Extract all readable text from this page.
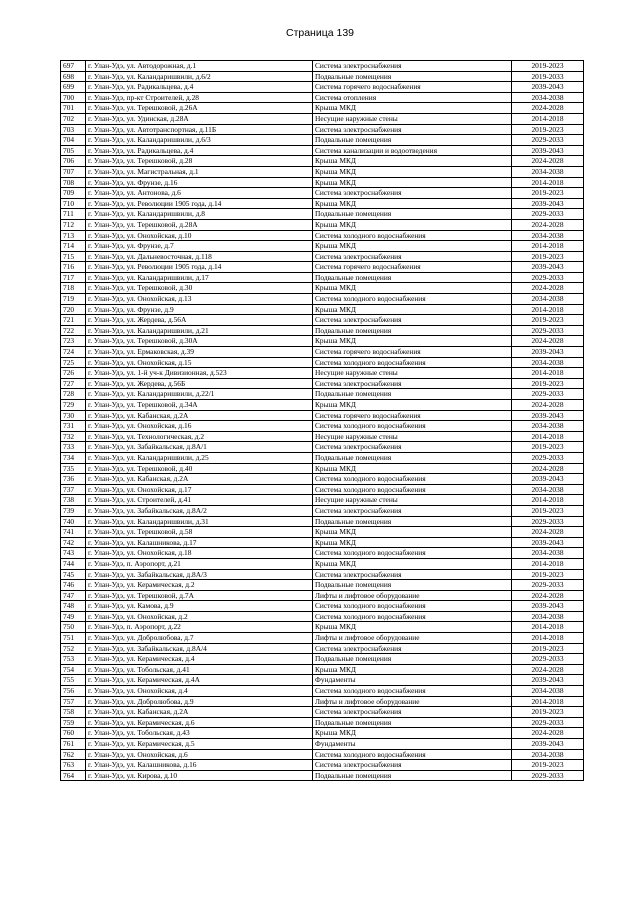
Страница 139
697	г. Улан-Удэ, ул. Автодорожная, д.1	Система электроснабжения	2019-2023
698	г. Улан-Удэ, ул. Каландаришвили, д.6/2	Подвальные помещения	2019-2033
699	г. Улан-Удэ, ул. Радикальцева, д.4	Система горячего водоснабжения	2039-2043
700	г. Улан-Удэ, пр-кт Строителей, д.28	Система отопления	2034-2038
701	г. Улан-Удэ, ул. Терешковой, д.26А	Крыша МКД	2024-2028
702	г. Улан-Удэ, ул. Удинская, д.28А	Несущие наружные стены	2014-2018
703	г. Улан-Удэ, ул. Автотранспортная, д.11Б	Система электроснабжения	2019-2023
704	г. Улан-Удэ, ул. Каландаришвили, д.6/3	Подвальные помещения	2029-2033
705	г. Улан-Удэ, ул. Радикальцева, д.4	Система канализации и водоотведения	2039-2043
706	г. Улан-Удэ, ул. Терешковой, д.28	Крыша МКД	2024-2028
707	г. Улан-Удэ, ул. Магистральная, д.1	Крыша МКД	2034-2038
708	г. Улан-Удэ, ул. Фрунзе, д.16	Крыша МКД	2014-2018
709	г. Улан-Удэ, ул. Антонова, д.6	Система электроснабжения	2019-2023
710	г. Улан-Удэ, ул. Революции 1905 года, д.14	Крыша МКД	2039-2043
711	г. Улан-Удэ, ул. Каландаришвили, д.8	Подвальные помещения	2029-2033
712	г. Улан-Удэ, ул. Терешковой, д.28А	Крыша МКД	2024-2028
713	г. Улан-Удэ, ул. Онохойская, д.10	Система холодного водоснабжения	2034-2038
714	г. Улан-Удэ, ул. Фрунзе, д.7	Крыша МКД	2014-2018
715	г. Улан-Удэ, ул. Дальневосточная, д.118	Система электроснабжения	2019-2023
716	г. Улан-Удэ, ул. Революции 1905 года, д.14	Система горячего водоснабжения	2039-2043
717	г. Улан-Удэ, ул. Каландаришвили, д.17	Подвальные помещения	2029-2033
718	г. Улан-Удэ, ул. Терешковой, д.30	Крыша МКД	2024-2028
719	г. Улан-Удэ, ул. Онохойская, д.13	Система холодного водоснабжения	2034-2038
720	г. Улан-Удэ, ул. Фрунзе, д.9	Крыша МКД	2014-2018
721	г. Улан-Удэ, ул. Жердева, д.56А	Система электроснабжения	2019-2023
722	г. Улан-Удэ, ул. Каландаришвили, д.21	Подвальные помещения	2029-2033
723	г. Улан-Удэ, ул. Терешковой, д.30А	Крыша МКД	2024-2028
724	г. Улан-Удэ, ул. Ермаковская, д.39	Система горячего водоснабжения	2039-2043
725	г. Улан-Удэ, ул. Онохойская, д.15	Система холодного водоснабжения	2034-2038
726	г. Улан-Удэ, ул. 1-й уч-к Дивизионная, д.523	Несущие наружные стены	2014-2018
727	г. Улан-Удэ, ул. Жердева, д.56Б	Система электроснабжения	2019-2023
728	г. Улан-Удэ, ул. Каландаришвили, д.22/1	Подвальные помещения	2029-2033
729	г. Улан-Удэ, ул. Терешковой, д.34А	Крыша МКД	2024-2028
730	г. Улан-Удэ, ул. Кабанская, д.2А	Система горячего водоснабжения	2039-2043
731	г. Улан-Удэ, ул. Онохойская, д.16	Система холодного водоснабжения	2034-2038
732	г. Улан-Удэ, ул. Технологическая, д.2	Несущие наружные стены	2014-2018
733	г. Улан-Удэ, ул. Забайкальская, д.8А/1	Система электроснабжения	2019-2023
734	г. Улан-Удэ, ул. Каландаришвили, д.25	Подвальные помещения	2029-2033
735	г. Улан-Удэ, ул. Терешковой, д.40	Крыша МКД	2024-2028
736	г. Улан-Удэ, ул. Кабанская, д.2А	Система холодного водоснабжения	2039-2043
737	г. Улан-Удэ, ул. Онохойская, д.17	Система холодного водоснабжения	2034-2038
738	г. Улан-Удэ, ул. Строителей, д.41	Несущие наружные стены	2014-2018
739	г. Улан-Удэ, ул. Забайкальская, д.8А/2	Система электроснабжения	2019-2023
740	г. Улан-Удэ, ул. Каландаришвили, д.31	Подвальные помещения	2029-2033
741	г. Улан-Удэ, ул. Терешковой, д.58	Крыша МКД	2024-2028
742	г. Улан-Удэ, ул. Калашникова, д.17	Крыша МКД	2039-2043
743	г. Улан-Удэ, ул. Онохойская, д.18	Система холодного водоснабжения	2034-2038
744	г. Улан-Удэ, п. Аэропорт, д.21	Крыша МКД	2014-2018
745	г. Улан-Удэ, ул. Забайкальская, д.8А/3	Система электроснабжения	2019-2023
746	г. Улан-Удэ, ул. Керамическая, д.2	Подвальные помещения	2029-2033
747	г. Улан-Удэ, ул. Терешковой, д.7А	Лифты и лифтовое оборудование	2024-2028
748	г. Улан-Удэ, ул. Камова, д.9	Система холодного водоснабжения	2039-2043
749	г. Улан-Удэ, ул. Онохойская, д.2	Система холодного водоснабжения	2034-2038
750	г. Улан-Удэ, п. Аэропорт, д.22	Крыша МКД	2014-2018
751	г. Улан-Удэ, ул. Добролюбова, д.7	Лифты и лифтовое оборудование	2014-2018
752	г. Улан-Удэ, ул. Забайкальская, д.8А/4	Система электроснабжения	2019-2023
753	г. Улан-Удэ, ул. Керамическая, д.4	Подвальные помещения	2029-2033
754	г. Улан-Удэ, ул. Тобольская, д.41	Крыша МКД	2024-2028
755	г. Улан-Удэ, ул. Керамическая, д.4А	Фундаменты	2039-2043
756	г. Улан-Удэ, ул. Онохойская, д.4	Система холодного водоснабжения	2034-2038
757	г. Улан-Удэ, ул. Добролюбова, д.9	Лифты и лифтовое оборудование	2014-2018
758	г. Улан-Удэ, ул. Кабанская, д.2А	Система электроснабжения	2019-2023
759	г. Улан-Удэ, ул. Керамическая, д.6	Подвальные помещения	2029-2033
760	г. Улан-Удэ, ул. Тобольская, д.43	Крыша МКД	2024-2028
761	г. Улан-Удэ, ул. Керамическая, д.5	Фундаменты	2039-2043
762	г. Улан-Удэ, ул. Онохойская, д.6	Система холодного водоснабжения	2034-2038
763	г. Улан-Удэ, ул. Калашникова, д.16	Система электроснабжения	2019-2023
764	г. Улан-Удэ, ул. Кирова, д.10	Подвальные помещения	2029-2033
